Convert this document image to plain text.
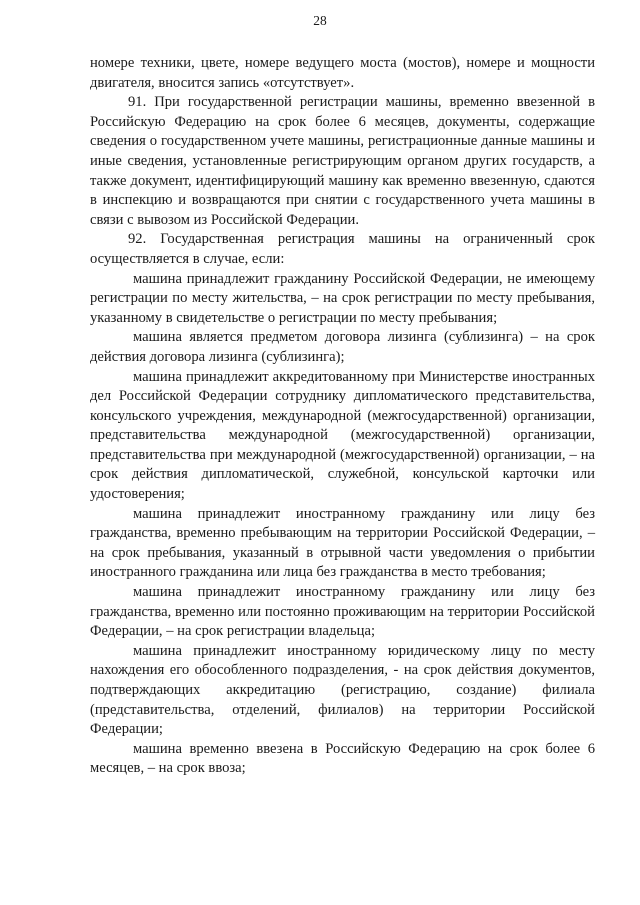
28

номере техники, цвете, номере ведущего моста (мостов), номере и мощности двигателя, вносится запись «отсутствует».

91. При государственной регистрации машины, временно ввезенной в Российскую Федерацию на срок более 6 месяцев, документы, содержащие сведения о государственном учете машины, регистрационные данные машины и иные сведения, установленные регистрирующим органом других государств, а также документ, идентифицирующий машину как временно ввезенную, сдаются в инспекцию и возвращаются при снятии с государственного учета машины в связи с вывозом из Российской Федерации.

92. Государственная регистрация машины на ограниченный срок осуществляется в случае, если:

машина принадлежит гражданину Российской Федерации, не имеющему регистрации по месту жительства, – на срок регистрации по месту пребывания, указанному в свидетельстве о регистрации по месту пребывания;

машина является предметом договора лизинга (сублизинга) – на срок действия договора лизинга (сублизинга);

машина принадлежит аккредитованному при Министерстве иностранных дел Российской Федерации сотруднику дипломатического представительства, консульского учреждения, международной (межгосударственной) организации, представительства международной (межгосударственной) организации, представительства при международной (межгосударственной) организации, – на срок действия дипломатической, служебной, консульской карточки или удостоверения;

машина принадлежит иностранному гражданину или лицу без гражданства, временно пребывающим на территории Российской Федерации, – на срок пребывания, указанный в отрывной части уведомления о прибытии иностранного гражданина или лица без гражданства в место требования;

машина принадлежит иностранному гражданину или лицу без гражданства, временно или постоянно проживающим на территории Российской Федерации, – на срок регистрации владельца;

машина принадлежит иностранному юридическому лицу по месту нахождения его обособленного подразделения, - на срок действия документов, подтверждающих аккредитацию (регистрацию, создание) филиала (представительства, отделений, филиалов) на территории Российской Федерации;

машина временно ввезена в Российскую Федерацию на срок более 6 месяцев, – на срок ввоза;
